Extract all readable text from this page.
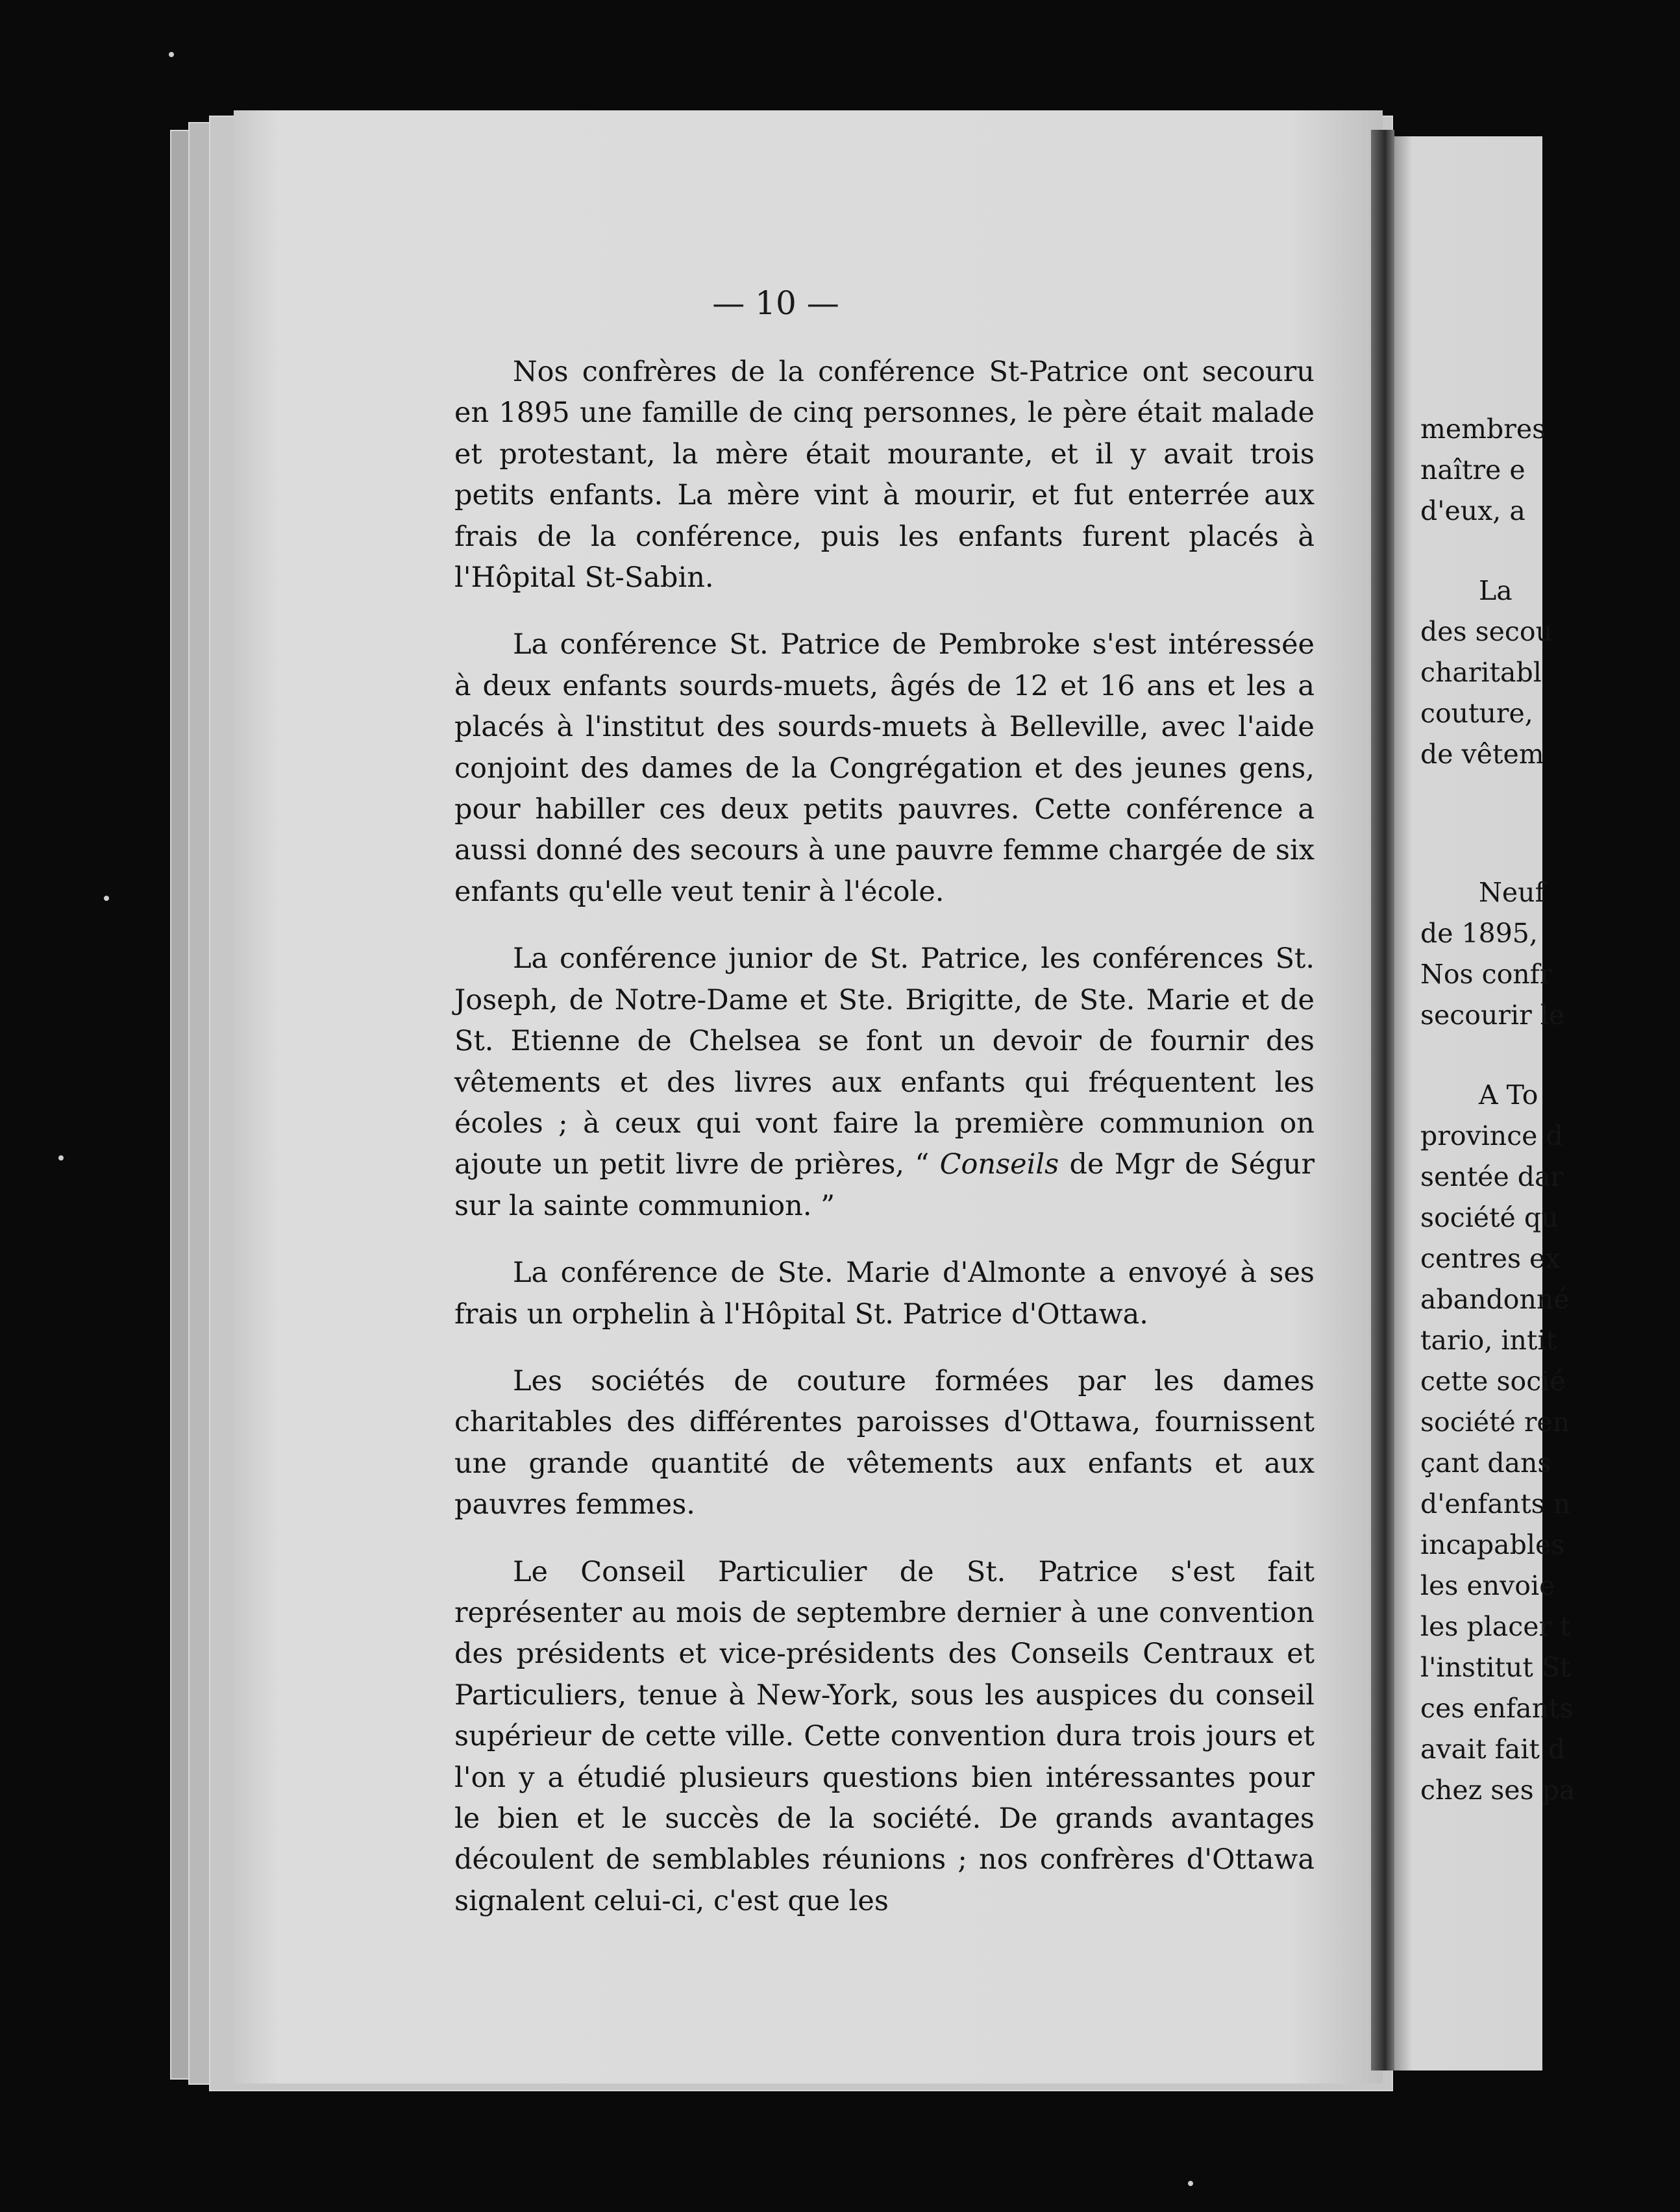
— 10 —

Nos confrères de la conférence St-Patrice ont secouru en 1895 une famille de cinq personnes, le père était malade et protestant, la mère était mourante, et il y avait trois petits enfants. La mère vint à mourir, et fut enterrée aux frais de la conférence, puis les enfants furent placés à l'Hôpital St-Sabin.

La conférence St. Patrice de Pembroke s'est intéressée à deux enfants sourds-muets, âgés de 12 et 16 ans et les a placés à l'institut des sourds-muets à Belleville, avec l'aide conjoint des dames de la Congrégation et des jeunes gens, pour habiller ces deux petits pauvres. Cette conférence a aussi donné des secours à une pauvre femme chargée de six enfants qu'elle veut tenir à l'école.

La conférence junior de St. Patrice, les conférences St. Joseph, de Notre-Dame et Ste. Brigitte, de Ste. Marie et de St. Etienne de Chelsea se font un devoir de fournir des vêtements et des livres aux enfants qui fréquentent les écoles ; à ceux qui vont faire la première communion on ajoute un petit livre de prières, “ Conseils de Mgr de Ségur sur la sainte communion. ”

La conférence de Ste. Marie d'Almonte a envoyé à ses frais un orphelin à l'Hôpital St. Patrice d'Ottawa.

Les sociétés de couture formées par les dames charitables des différentes paroisses d'Ottawa, fournissent une grande quantité de vêtements aux enfants et aux pauvres femmes.

Le Conseil Particulier de St. Patrice s'est fait représenter au mois de septembre dernier à une convention des présidents et vice-présidents des Conseils Centraux et Particuliers, tenue à New-York, sous les auspices du conseil supérieur de cette ville. Cette convention dura trois jours et l'on y a étudié plusieurs questions bien intéressantes pour le bien et le succès de la société. De grands avantages découlent de semblables réunions ; nos confrères d'Ottawa signalent celui-ci, c'est que les

membres
naître e
d'eux, a
La
des secou
charitabl
couture,
de vêtem
Neuf
de 1895,
Nos confr
secourir le
A To
province d
sentée dar
société qu
centres ex
abandonné
tario, intit
cette socié
société ren
çant dans
d'enfants n
incapables
les envoie
les placer t
l'institut St
ces enfants
avait fait d
chez ses pa
